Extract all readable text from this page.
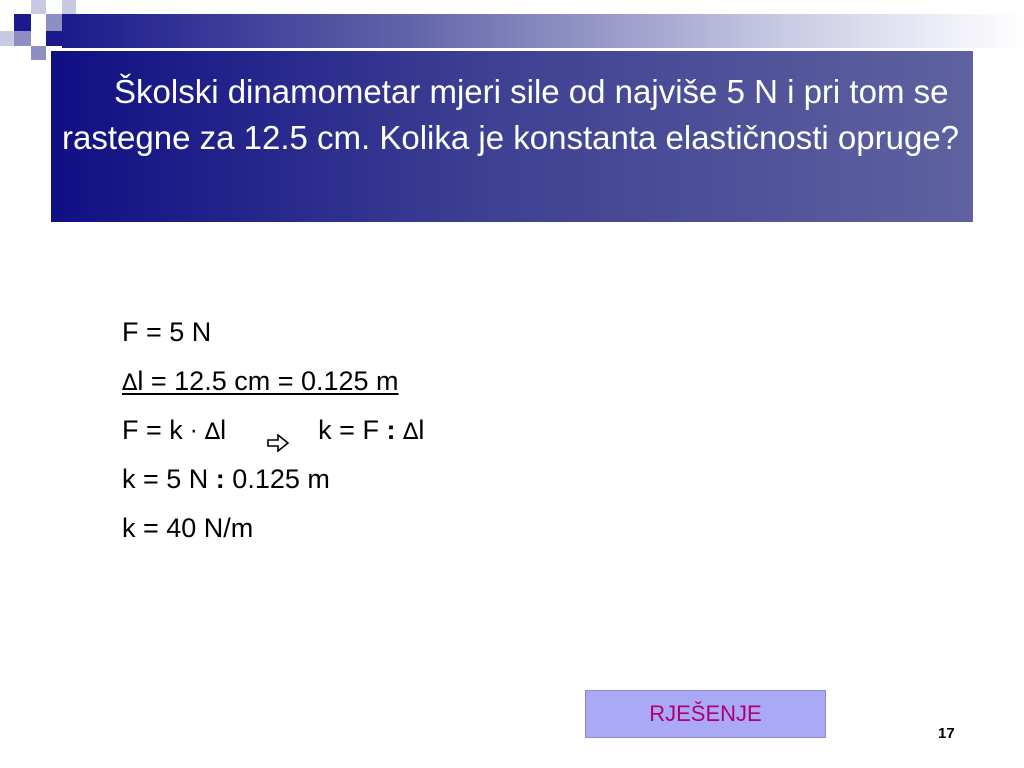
Školski dinamometar mjeri sile od najviše 5 N i pri tom se rastegne za 12.5 cm. Kolika je konstanta elastičnosti opruge?
F = 5 N
∆l = 12.5 cm = 0.125 m
F = k · ∆l	k = F : ∆l
k = 5 N : 0.125 m
k = 40 N/m
RJEŠENJE
17
